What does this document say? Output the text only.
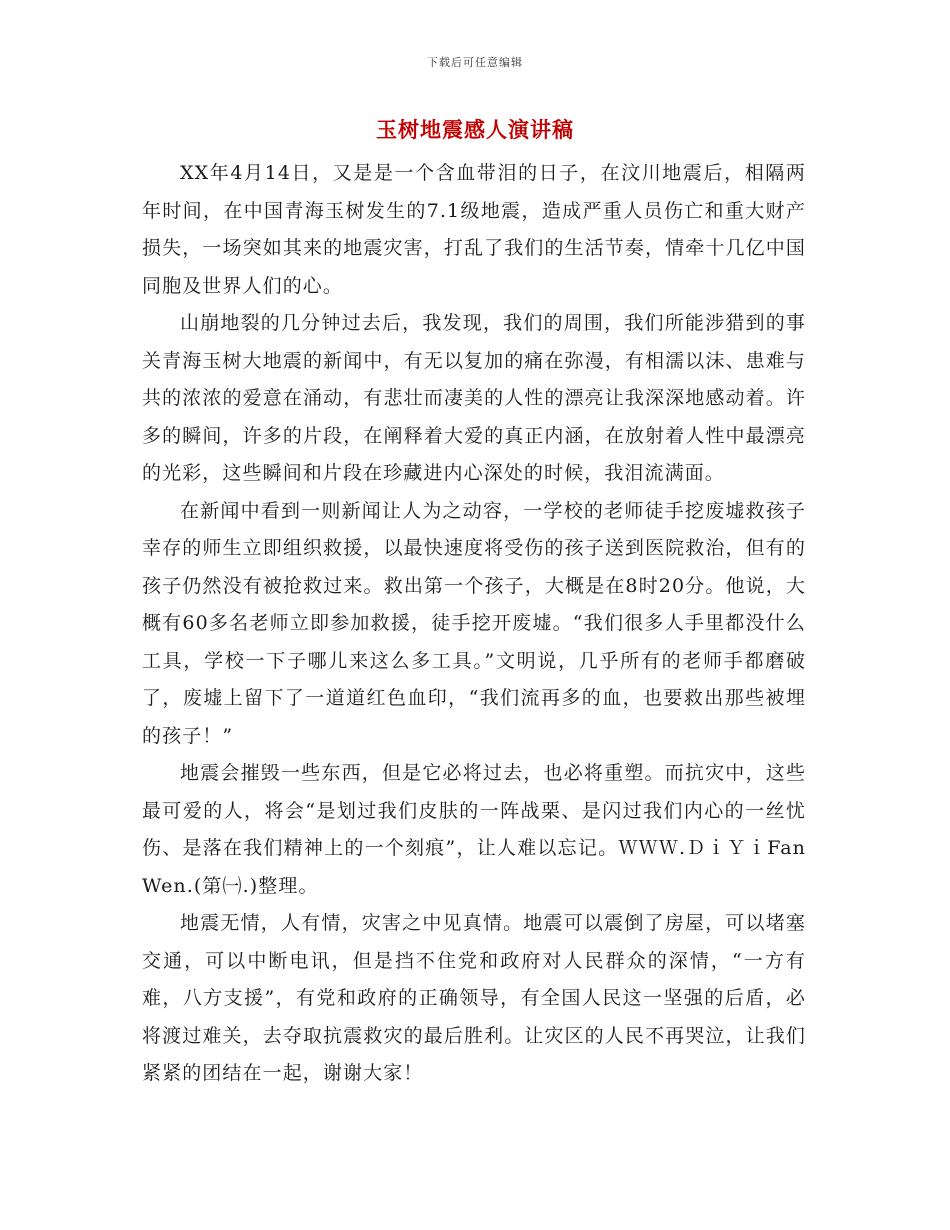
下载后可任意编辑
玉树地震感人演讲稿

XX年4月14日，又是是一个含血带泪的日子，在汶川地震后，相隔两年时间，在中国青海玉树发生的7.1级地震，造成严重人员伤亡和重大财产损失，一场突如其来的地震灾害，打乱了我们的生活节奏，情牵十几亿中国同胞及世界人们的心。

山崩地裂的几分钟过去后，我发现，我们的周围，我们所能涉猎到的事关青海玉树大地震的新闻中，有无以复加的痛在弥漫，有相濡以沫、患难与共的浓浓的爱意在涌动，有悲壮而凄美的人性的漂亮让我深深地感动着。许多的瞬间，许多的片段，在阐释着大爱的真正内涵，在放射着人性中最漂亮的光彩，这些瞬间和片段在珍藏进内心深处的时候，我泪流满面。

在新闻中看到一则新闻让人为之动容，一学校的老师徒手挖废墟救孩子幸存的师生立即组织救援，以最快速度将受伤的孩子送到医院救治，但有的孩子仍然没有被抢救过来。救出第一个孩子，大概是在8时20分。他说，大概有60多名老师立即参加救援，徒手挖开废墟。“我们很多人手里都没什么工具，学校一下子哪儿来这么多工具。”文明说，几乎所有的老师手都磨破了，废墟上留下了一道道红色血印，“我们流再多的血，也要救出那些被埋的孩子！”

地震会摧毁一些东西，但是它必将过去，也必将重塑。而抗灾中，这些最可爱的人，将会“是划过我们皮肤的一阵战栗、是闪过我们内心的一丝忧伤、是落在我们精神上的一个刻痕”，让人难以忘记。ＷＷＷ.ＤｉＹｉFanWen.(第㈠.)整理。

地震无情，人有情，灾害之中见真情。地震可以震倒了房屋，可以堵塞交通，可以中断电讯，但是挡不住党和政府对人民群众的深情，“一方有难，八方支援”，有党和政府的正确领导，有全国人民这一坚强的后盾，必将渡过难关，去夺取抗震救灾的最后胜利。让灾区的人民不再哭泣，让我们紧紧的团结在一起，谢谢大家！
